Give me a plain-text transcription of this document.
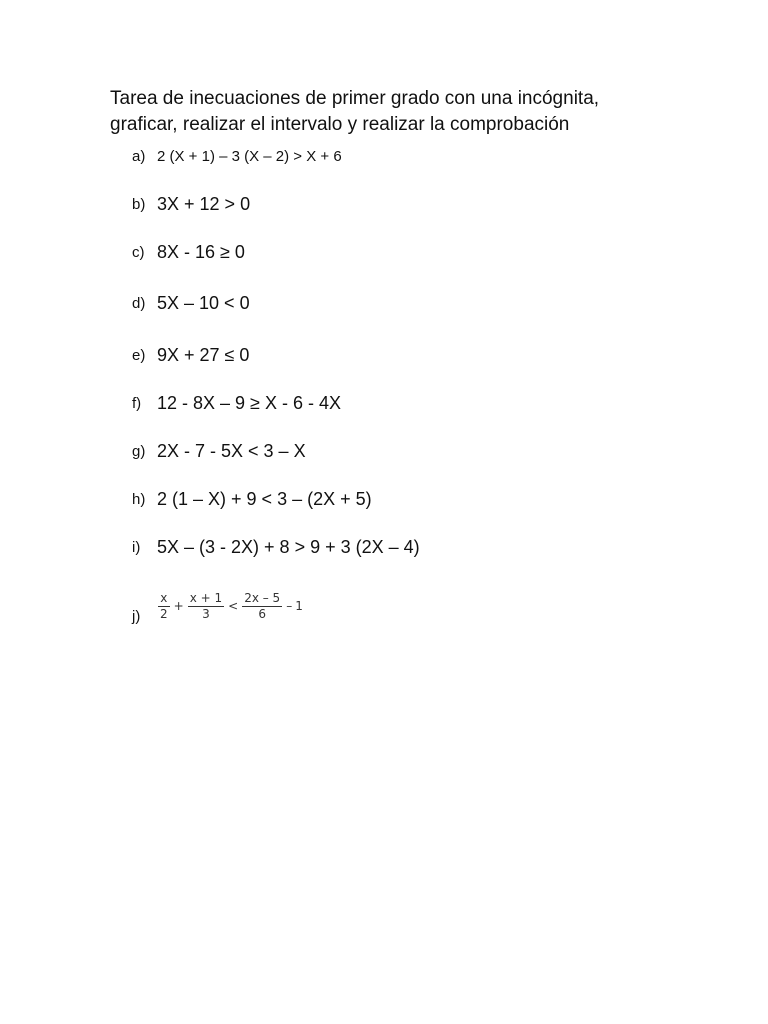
Tarea de inecuaciones de primer grado con una incógnita,
graficar, realizar el intervalo y realizar la comprobación
a) 2 (X + 1) – 3 (X – 2) > X + 6
b) 3X + 12 > 0
c) 8X - 16 ≥ 0
d) 5X – 10 < 0
e) 9X + 27 ≤ 0
f) 12 - 8X – 9 ≥ X - 6 - 4X
g) 2X - 7 - 5X < 3 – X
h) 2 (1 – X) + 9 < 3 – (2X + 5)
i) 5X – (3 - 2X) + 8 > 9 + 3 (2X – 4)
$j) \frac{x}{2} + \frac{x + 1}{3} < \frac{2x - 5}{6} - 1$
